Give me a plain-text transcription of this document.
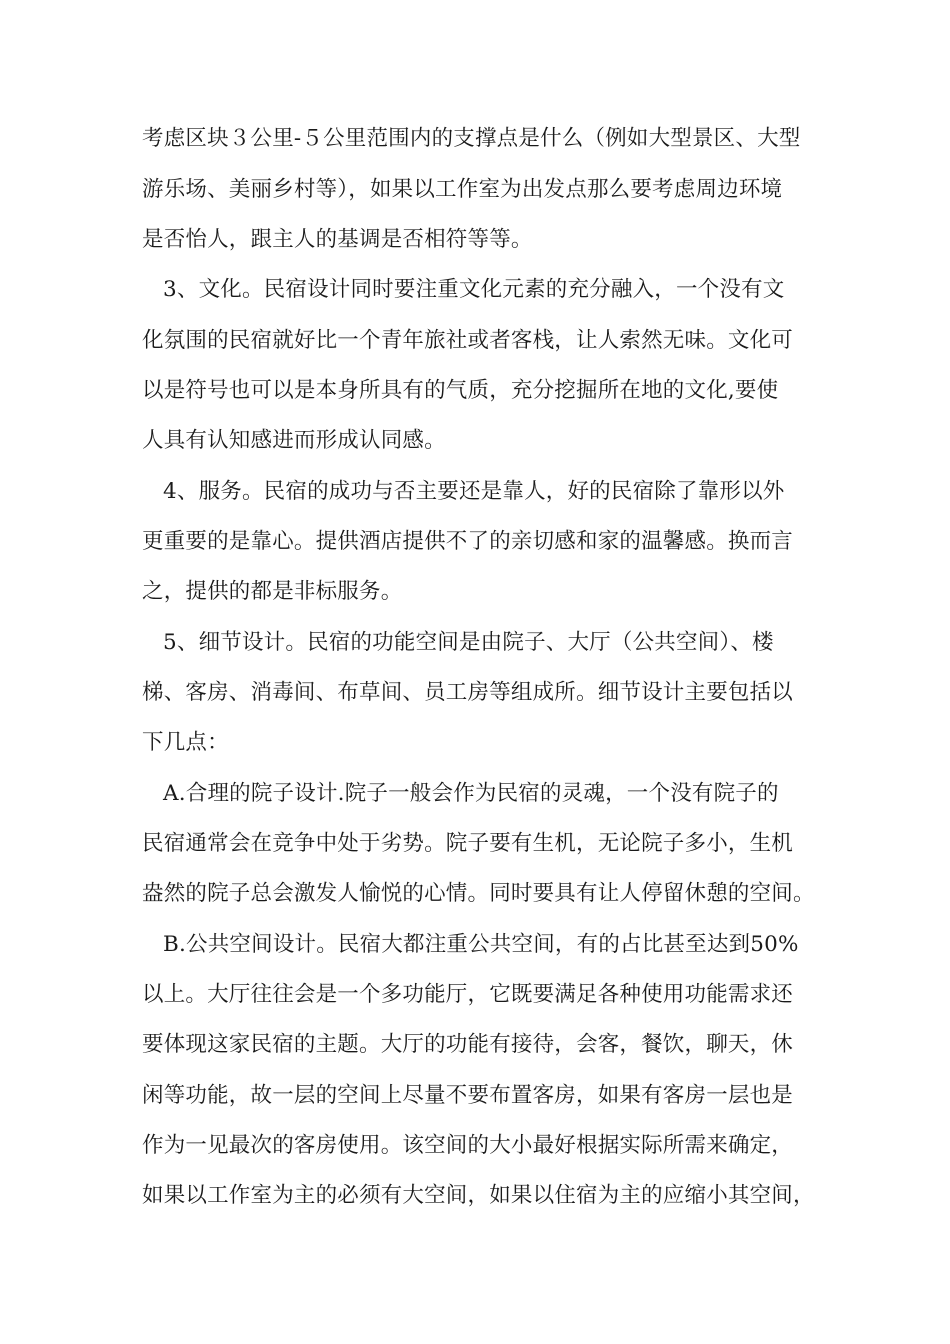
考虑区块３公里-５公里范围内的支撑点是什么（例如大型景区、大型
游乐场、美丽乡村等），如果以工作室为出发点那么要考虑周边环境
是否怡人，跟主人的基调是否相符等等。
3、文化。民宿设计同时要注重文化元素的充分融入，一个没有文
化氛围的民宿就好比一个青年旅社或者客栈，让人索然无味。文化可
以是符号也可以是本身所具有的气质，充分挖掘所在地的文化,要使
人具有认知感进而形成认同感。
4、服务。民宿的成功与否主要还是靠人，好的民宿除了靠形以外
更重要的是靠心。提供酒店提供不了的亲切感和家的温馨感。换而言
之，提供的都是非标服务。
5、细节设计。民宿的功能空间是由院子、大厅（公共空间）、楼
梯、客房、消毒间、布草间、员工房等组成所。细节设计主要包括以
下几点：
A.合理的院子设计.院子一般会作为民宿的灵魂，一个没有院子的
民宿通常会在竞争中处于劣势。院子要有生机，无论院子多小，生机
盎然的院子总会激发人愉悦的心情。同时要具有让人停留休憩的空间。
B.公共空间设计。民宿大都注重公共空间，有的占比甚至达到50%
以上。大厅往往会是一个多功能厅，它既要满足各种使用功能需求还
要体现这家民宿的主题。大厅的功能有接待，会客，餐饮，聊天，休
闲等功能，故一层的空间上尽量不要布置客房，如果有客房一层也是
作为一见最次的客房使用。该空间的大小最好根据实际所需来确定，
如果以工作室为主的必须有大空间，如果以住宿为主的应缩小其空间，
